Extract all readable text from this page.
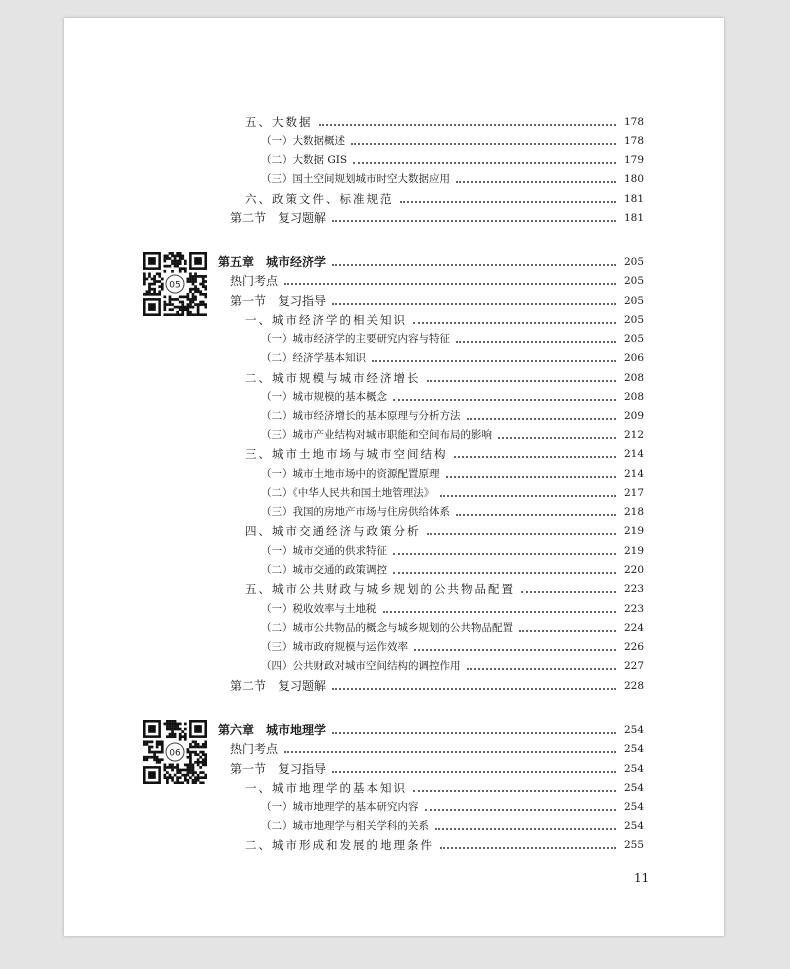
五、大数据	178
（一）大数据概述	178
（二）大数据 GIS	179
（三）国土空间规划城市时空大数据应用	180
六、政策文件、标准规范	181
第二节　复习题解	181
第五章　城市经济学	205
热门考点	205
第一节　复习指导	205
一、城市经济学的相关知识	205
（一）城市经济学的主要研究内容与特征	205
（二）经济学基本知识	206
二、城市规模与城市经济增长	208
（一）城市规模的基本概念	208
（二）城市经济增长的基本原理与分析方法	209
（三）城市产业结构对城市职能和空间布局的影响	212
三、城市土地市场与城市空间结构	214
（一）城市土地市场中的资源配置原理	214
（二）《中华人民共和国土地管理法》	217
（三）我国的房地产市场与住房供给体系	218
四、城市交通经济与政策分析	219
（一）城市交通的供求特征	219
（二）城市交通的政策调控	220
五、城市公共财政与城乡规划的公共物品配置	223
（一）税收效率与土地税	223
（二）城市公共物品的概念与城乡规划的公共物品配置	224
（三）城市政府规模与运作效率	226
（四）公共财政对城市空间结构的调控作用	227
第二节　复习题解	228
第六章　城市地理学	254
热门考点	254
第一节　复习指导	254
一、城市地理学的基本知识	254
（一）城市地理学的基本研究内容	254
（二）城市地理学与相关学科的关系	254
二、城市形成和发展的地理条件	255
05
06
11
